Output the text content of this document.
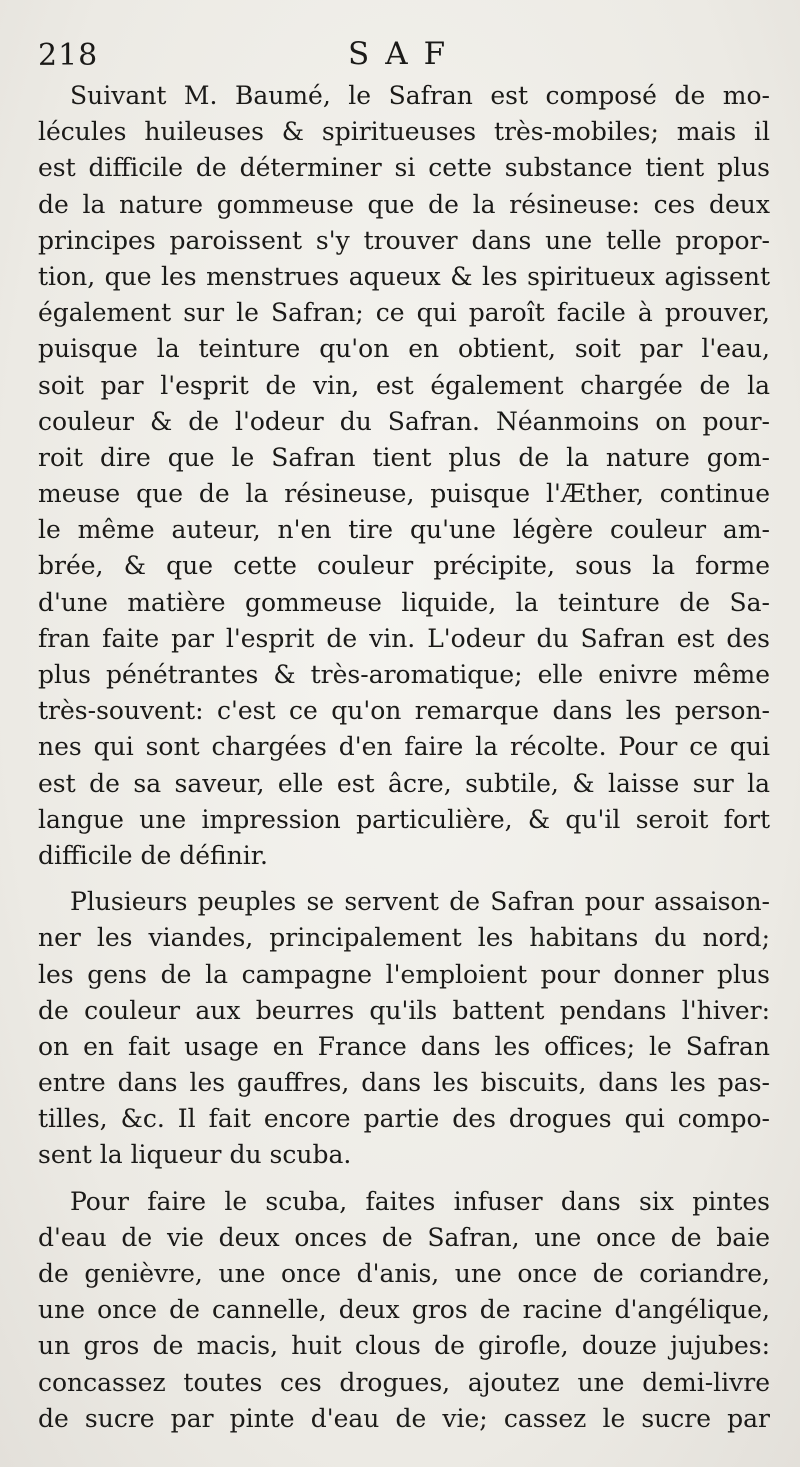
218	SAF
Suivant M. Baumé, le Safran est composé de mo-
lécules huileuses & spiritueuses très-mobiles; mais il
est difficile de déterminer si cette substance tient plus
de la nature gommeuse que de la résineuse: ces deux
principes paroissent s'y trouver dans une telle propor-
tion, que les menstrues aqueux & les spiritueux agissent
également sur le Safran; ce qui paroît facile à prouver,
puisque la teinture qu'on en obtient, soit par l'eau,
soit par l'esprit de vin, est également chargée de la
couleur & de l'odeur du Safran. Néanmoins on pour-
roit dire que le Safran tient plus de la nature gom-
meuse que de la résineuse, puisque l'Æther, continue
le même auteur, n'en tire qu'une légère couleur am-
brée, & que cette couleur précipite, sous la forme
d'une matière gommeuse liquide, la teinture de Sa-
fran faite par l'esprit de vin. L'odeur du Safran est des
plus pénétrantes & très-aromatique; elle enivre même
très-souvent: c'est ce qu'on remarque dans les person-
nes qui sont chargées d'en faire la récolte. Pour ce qui
est de sa saveur, elle est âcre, subtile, & laisse sur la
langue une impression particulière, & qu'il seroit fort
difficile de définir.
Plusieurs peuples se servent de Safran pour assaison-
ner les viandes, principalement les habitans du nord;
les gens de la campagne l'emploient pour donner plus
de couleur aux beurres qu'ils battent pendans l'hiver:
on en fait usage en France dans les offices; le Safran
entre dans les gauffres, dans les biscuits, dans les pas-
tilles, &c. Il fait encore partie des drogues qui compo-
sent la liqueur du scuba.
Pour faire le scuba, faites infuser dans six pintes
d'eau de vie deux onces de Safran, une once de baie
de genièvre, une once d'anis, une once de coriandre,
une once de cannelle, deux gros de racine d'angélique,
un gros de macis, huit clous de girofle, douze jujubes:
concassez toutes ces drogues, ajoutez une demi-livre
de sucre par pinte d'eau de vie; cassez le sucre par
